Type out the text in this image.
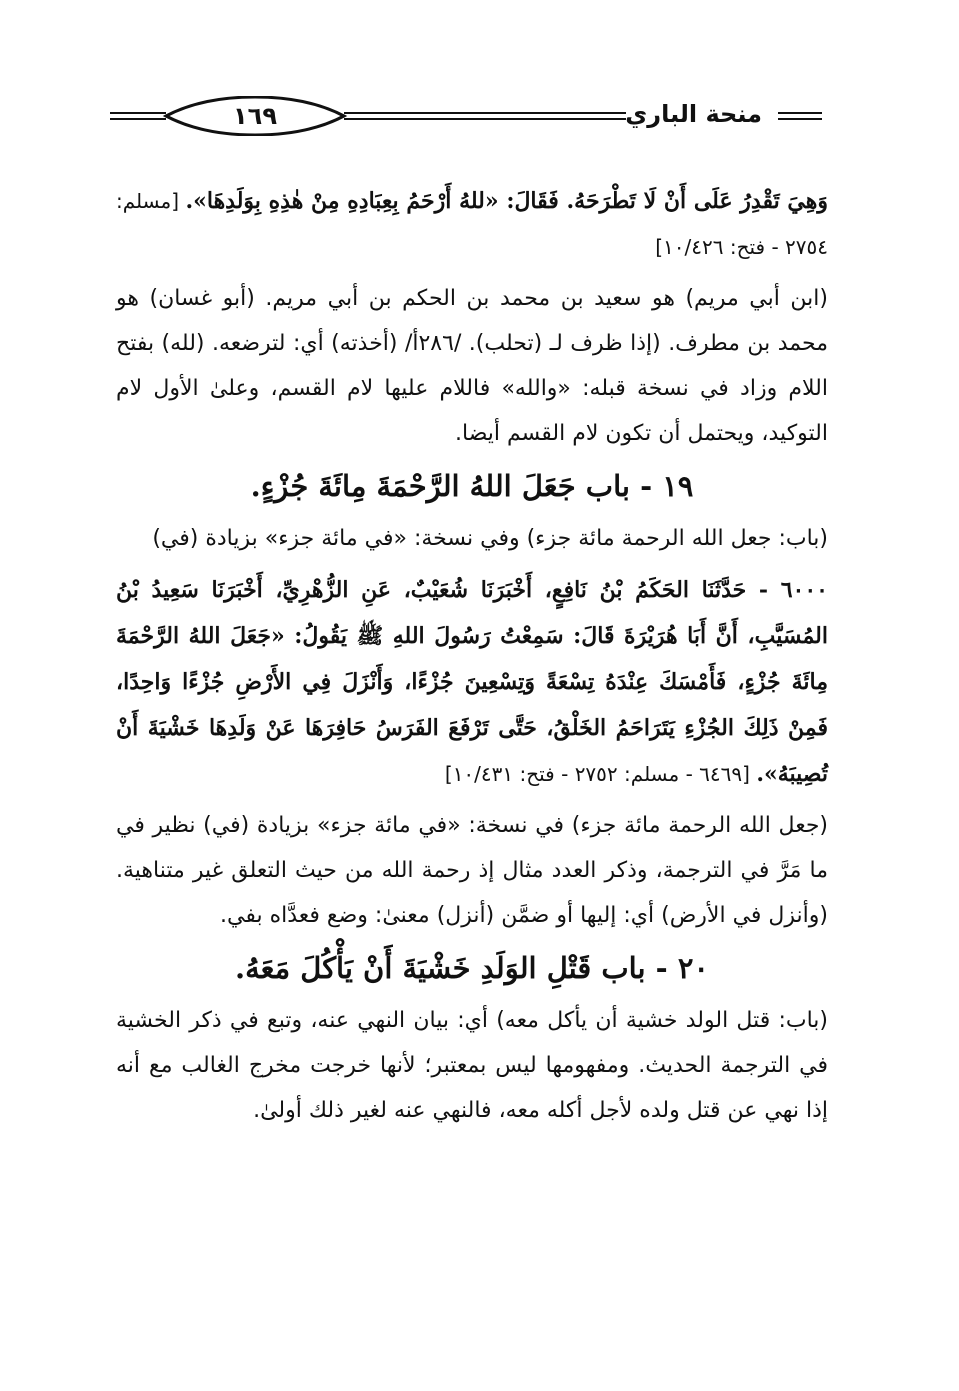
١٦٩	منحة الباري

وَهِيَ تَقْدِرُ عَلَى أَنْ لَا تَطْرَحَهُ. فَقَالَ: «للهُ أَرْحَمُ بِعِبَادِهِ مِنْ هٰذِهِ بِوَلَدِهَا». [مسلم: ٢٧٥٤ - فتح: ١٠/٤٢٦]

(ابن أبي مريم) هو سعيد بن محمد بن الحكم بن أبي مريم. (أبو غسان) هو محمد بن مطرف. (إذا ظرف لـ (تحلب). /٢٨٦أ/ (أخذته) أي: لترضعه. (لله) بفتح اللام وزاد في نسخة قبله: «والله» فاللام عليها لام القسم، وعلىٰ الأول لام التوكيد، ويحتمل أن تكون لام القسم أيضا.

١٩ - باب جَعَلَ اللهُ الرَّحْمَةَ مِائَةَ جُزْءٍ.

(باب: جعل الله الرحمة مائة جزء) وفي نسخة: «في مائة جزء» بزيادة (في)

٦٠٠٠ - حَدَّثَنَا الحَكَمُ بْنُ نَافِعٍ، أَخْبَرَنَا شُعَيْبٌ، عَنِ الزُّهْرِيِّ، أَخْبَرَنَا سَعِيدُ بْنُ المُسَيَّبِ، أَنَّ أَبَا هُرَيْرَةَ قَالَ: سَمِعْتُ رَسُولَ اللهِ ﷺ يَقُولُ: «جَعَلَ اللهُ الرَّحْمَةَ مِائَةَ جُزْءٍ، فَأَمْسَكَ عِنْدَهُ تِسْعَةً وَتِسْعِينَ جُزْءًا، وَأَنْزَلَ فِي الأَرْضِ جُزْءًا وَاحِدًا، فَمِنْ ذَلِكَ الجُزْءِ يَتَرَاحَمُ الخَلْقُ، حَتَّى تَرْفَعَ الفَرَسُ حَافِرَهَا عَنْ وَلَدِهَا خَشْيَةَ أَنْ تُصِيبَهُ». [٦٤٦٩ - مسلم: ٢٧٥٢ - فتح: ١٠/٤٣١]

(جعل الله الرحمة مائة جزء) في نسخة: «في مائة جزء» بزيادة (في) نظير في ما مَرَّ في الترجمة، وذكر العدد مثال إذ رحمة الله من حيث التعلق غير متناهية. (وأنزل في الأرض) أي: إليها أو ضمَّن (أنزل) معنىٰ: وضع فعدَّاه بفي.

٢٠ - باب قَتْلِ الوَلَدِ خَشْيَةَ أَنْ يَأْكُلَ مَعَهُ.

(باب: قتل الولد خشية أن يأكل معه) أي: بيان النهي عنه، وتبع في ذكر الخشية في الترجمة الحديث. ومفهومها ليس بمعتبر؛ لأنها خرجت مخرج الغالب مع أنه إذا نهي عن قتل ولده لأجل أكله معه، فالنهي عنه لغير ذلك أولىٰ.
